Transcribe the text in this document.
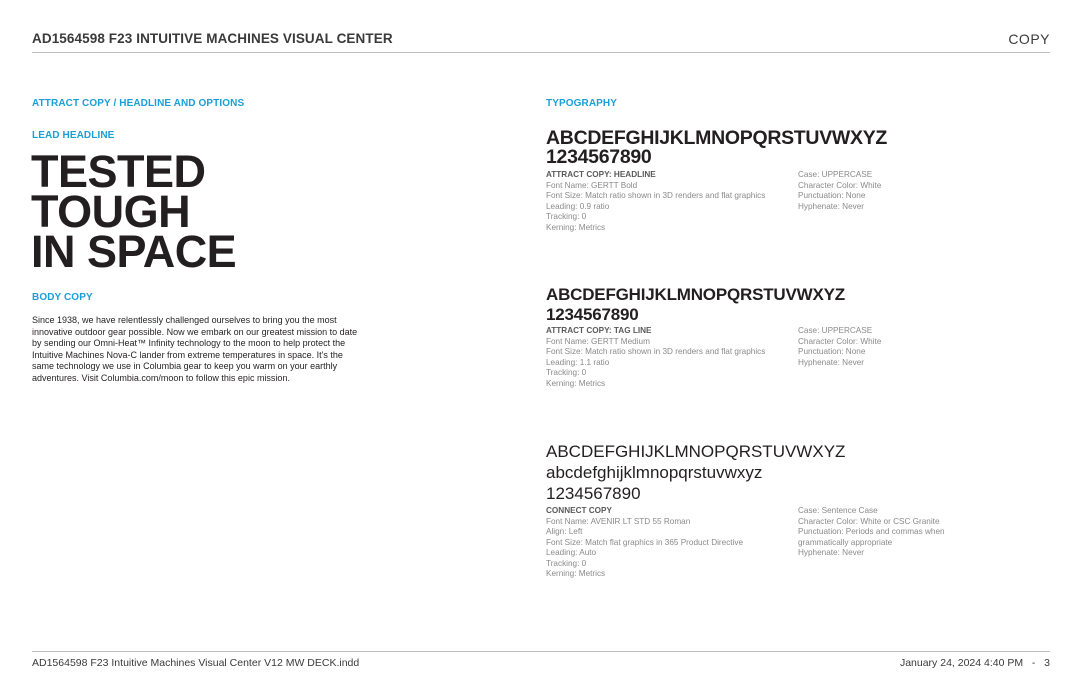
AD1564598 F23 INTUITIVE MACHINES VISUAL CENTER	COPY
ATTRACT COPY / HEADLINE AND OPTIONS
LEAD HEADLINE
TESTED
TOUGH
IN SPACE
BODY COPY
Since 1938, we have relentlessly challenged ourselves to bring you the most innovative outdoor gear possible. Now we embark on our greatest mission to date by sending our Omni-Heat™ Infinity technology to the moon to help protect the Intuitive Machines Nova-C lander from extreme temperatures in space. It's the same technology we use in Columbia gear to keep you warm on your earthly adventures. Visit Columbia.com/moon to follow this epic mission.
TYPOGRAPHY
ABCDEFGHIJKLMNOPQRSTUVWXYZ
1234567890
ATTRACT COPY: HEADLINE
Font Name: GERTT Bold
Font Size: Match ratio shown in 3D renders and flat graphics
Leading: 0.9 ratio
Tracking: 0
Kerning: Metrics
Case: UPPERCASE
Character Color: White
Punctuation: None
Hyphenate: Never
ABCDEFGHIJKLMNOPQRSTUVWXYZ
1234567890
ATTRACT COPY: TAG LINE
Font Name: GERTT Medium
Font Size: Match ratio shown in 3D renders and flat graphics
Leading: 1.1 ratio
Tracking: 0
Kerning: Metrics
Case: UPPERCASE
Character Color: White
Punctuation: None
Hyphenate: Never
ABCDEFGHIJKLMNOPQRSTUVWXYZ
abcdefghijklmnopqrstuvwxyz
1234567890
CONNECT COPY
Font Name: AVENIR LT STD 55 Roman
Align: Left
Font Size: Match flat graphics in 365 Product Directive
Leading: Auto
Tracking: 0
Kerning: Metrics
Case: Sentence Case
Character Color: White or CSC Granite
Punctuation: Periods and commas when grammatically appropriate
Hyphenate: Never
AD1564598 F23 Intuitive Machines Visual Center V12 MW DECK.indd	January 24, 2024 4:40 PM - 3
